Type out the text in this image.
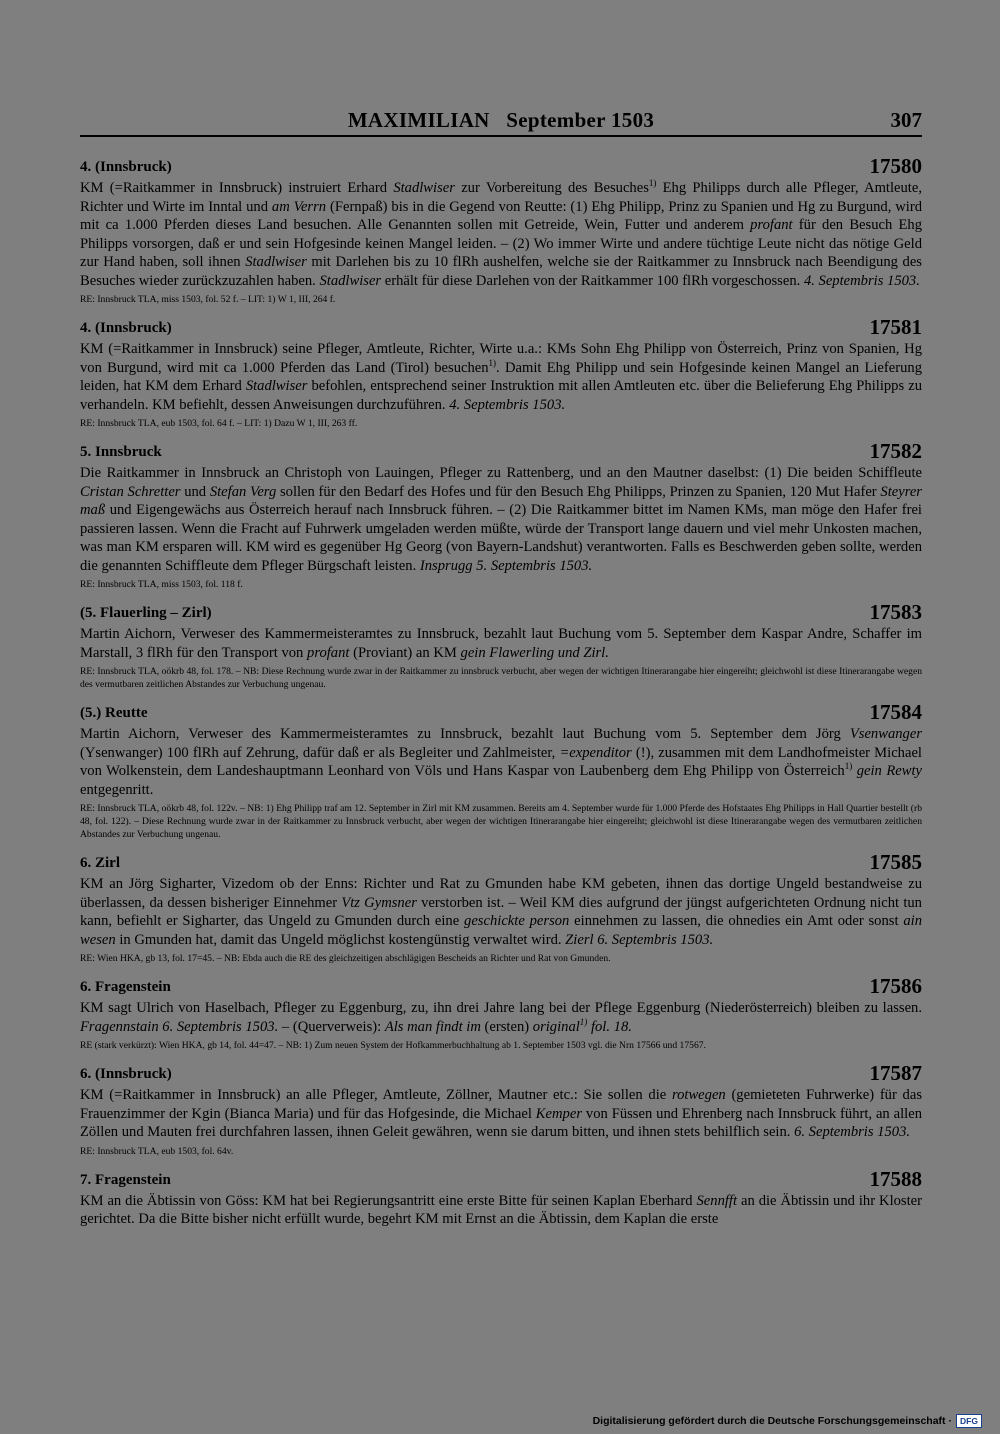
MAXIMILIAN   September 1503	307
4. (Innsbruck)	17580

KM (=Raitkammer in Innsbruck) instruiert Erhard Stadlwiser zur Vorbereitung des Besuches$^{1)}$ Ehg Philipps durch alle Pfleger, Amtleute, Richter und Wirte im Inntal und am Verrn (Fernpaß) bis in die Gegend von Reutte: (1) Ehg Philipp, Prinz zu Spanien und Hg zu Burgund, wird mit ca 1.000 Pferden dieses Land besuchen. Alle Genannten sollen mit Getreide, Wein, Futter und anderem profant für den Besuch Ehg Philipps vorsorgen, daß er und sein Hofgesinde keinen Mangel leiden. – (2) Wo immer Wirte und andere tüchtige Leute nicht das nötige Geld zur Hand haben, soll ihnen Stadlwiser mit Darlehen bis zu 10 flRh aushelfen, welche sie der Raitkammer zu Innsbruck nach Beendigung des Besuches wieder zurückzuzahlen haben. Stadlwiser erhält für diese Darlehen von der Raitkammer 100 flRh vorgeschossen. 4. Septembris 1503.

RE: Innsbruck TLA, miss 1503, fol. 52 f. – LIT: 1) W 1, III, 264 f.

4. (Innsbruck)	17581

KM (=Raitkammer in Innsbruck) seine Pfleger, Amtleute, Richter, Wirte u.a.: KMs Sohn Ehg Philipp von Österreich, Prinz von Spanien, Hg von Burgund, wird mit ca 1.000 Pferden das Land (Tirol) besuchen$^{1)}$. Damit Ehg Philipp und sein Hofgesinde keinen Mangel an Lieferung leiden, hat KM dem Erhard Stadlwiser befohlen, entsprechend seiner Instruktion mit allen Amtleuten etc. über die Belieferung Ehg Philipps zu verhandeln. KM befiehlt, dessen Anweisungen durchzuführen. 4. Septembris 1503.

RE: Innsbruck TLA, eub 1503, fol. 64 f. – LIT: 1) Dazu W 1, III, 263 ff.

5. Innsbruck	17582

Die Raitkammer in Innsbruck an Christoph von Lauingen, Pfleger zu Rattenberg, und an den Mautner daselbst: (1) Die beiden Schiffleute Cristan Schretter und Stefan Verg sollen für den Bedarf des Hofes und für den Besuch Ehg Philipps, Prinzen zu Spanien, 120 Mut Hafer Steyrer maß und Eigengewächs aus Österreich herauf nach Innsbruck führen. – (2) Die Raitkammer bittet im Namen KMs, man möge den Hafer frei passieren lassen. Wenn die Fracht auf Fuhrwerk umgeladen werden müßte, würde der Transport lange dauern und viel mehr Unkosten machen, was man KM ersparen will. KM wird es gegenüber Hg Georg (von Bayern-Landshut) verantworten. Falls es Beschwerden geben sollte, werden die genannten Schiffleute dem Pfleger Bürgschaft leisten. Insprugg 5. Septembris 1503.

RE: Innsbruck TLA, miss 1503, fol. 118 f.

(5. Flauerling – Zirl)	17583

Martin Aichorn, Verweser des Kammermeisteramtes zu Innsbruck, bezahlt laut Buchung vom 5. September dem Kaspar Andre, Schaffer im Marstall, 3 flRh für den Transport von profant (Proviant) an KM gein Flawerling und Zirl.

RE: Innsbruck TLA, oökrb 48, fol. 178. – NB: Diese Rechnung wurde zwar in der Raitkammer zu innsbruck verbucht, aber wegen der wichtigen Itinerarangabe hier eingereiht; gleichwohl ist diese Itinerarangabe wegen des vermutbaren zeitlichen Abstandes zur Verbuchung ungenau.

(5.) Reutte	17584

Martin Aichorn, Verweser des Kammermeisteramtes zu Innsbruck, bezahlt laut Buchung vom 5. September dem Jörg Vsenwanger (Ysenwanger) 100 flRh auf Zehrung, dafür daß er als Begleiter und Zahlmeister, =expenditor (!), zusammen mit dem Landhofmeister Michael von Wolkenstein, dem Landeshauptmann Leonhard von Völs und Hans Kaspar von Laubenberg dem Ehg Philipp von Österreich$^{1)}$ gein Rewty entgegenritt.

RE: Innsbruck TLA, oökrb 48, fol. 122v. – NB: 1) Ehg Philipp traf am 12. September in Zirl mit KM zusammen. Bereits am 4. September wurde für 1.000 Pferde des Hofstaates Ehg Philipps in Hall Quartier bestellt (rb 48, fol. 122). – Diese Rechnung wurde zwar in der Raitkammer zu Innsbruck verbucht, aber wegen der wichtigen Itinerarangabe hier eingereiht; gleichwohl ist diese Itinerarangabe wegen des vermutbaren zeitlichen Abstandes zur Verbuchung ungenau.

6. Zirl	17585

KM an Jörg Sigharter, Vizedom ob der Enns: Richter und Rat zu Gmunden habe KM gebeten, ihnen das dortige Ungeld bestandweise zu überlassen, da dessen bisheriger Einnehmer Vtz Gymsner verstorben ist. – Weil KM dies aufgrund der jüngst aufgerichteten Ordnung nicht tun kann, befiehlt er Sigharter, das Ungeld zu Gmunden durch eine geschickte person einnehmen zu lassen, die ohnedies ein Amt oder sonst ain wesen in Gmunden hat, damit das Ungeld möglichst kostengünstig verwaltet wird. Zierl 6. Septembris 1503.

RE: Wien HKA, gb 13, fol. 17=45. – NB: Ebda auch die RE des gleichzeitigen abschlägigen Bescheids an Richter und Rat von Gmunden.

6. Fragenstein	17586

KM sagt Ulrich von Haselbach, Pfleger zu Eggenburg, zu, ihn drei Jahre lang bei der Pflege Eggenburg (Niederösterreich) bleiben zu lassen. Fragennstain 6. Septembris 1503. – (Querverweis): Als man findt im (ersten) original$^{1)}$ fol. 18.

RE (stark verkürzt): Wien HKA, gb 14, fol. 44=47. – NB: 1) Zum neuen System der Hofkammerbuchhaltung ab 1. September 1503 vgl. die Nrn 17566 und 17567.

6. (Innsbruck)	17587

KM (=Raitkammer in Innsbruck) an alle Pfleger, Amtleute, Zöllner, Mautner etc.: Sie sollen die rotwegen (gemieteten Fuhrwerke) für das Frauenzimmer der Kgin (Bianca Maria) und für das Hofgesinde, die Michael Kemper von Füssen und Ehrenberg nach Innsbruck führt, an allen Zöllen und Mauten frei durchfahren lassen, ihnen Geleit gewähren, wenn sie darum bitten, und ihnen stets behilflich sein. 6. Septembris 1503.

RE: Innsbruck TLA, eub 1503, fol. 64v.

7. Fragenstein	17588

KM an die Äbtissin von Göss: KM hat bei Regierungsantritt eine erste Bitte für seinen Kaplan Eberhard Sennfft an die Äbtissin und ihr Kloster gerichtet. Da die Bitte bisher nicht erfüllt wurde, begehrt KM mit Ernst an die Äbtissin, dem Kaplan die erste

Digitalisierung gefördert durch die Deutsche Forschungsgemeinschaft · DFG
